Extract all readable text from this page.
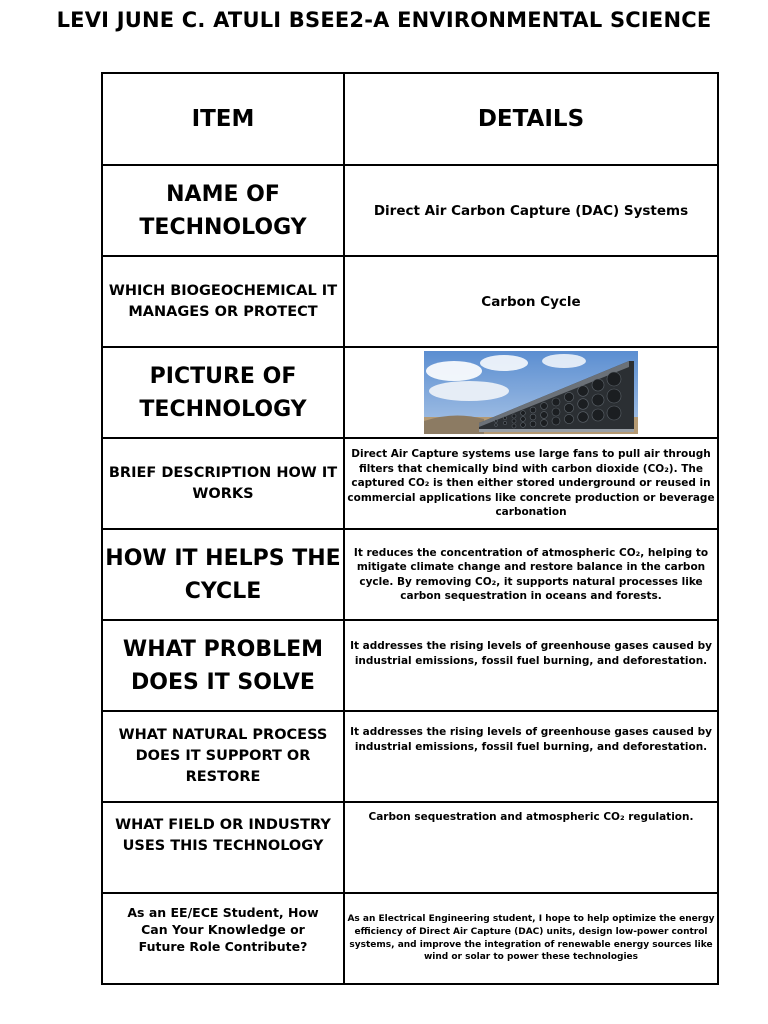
LEVI JUNE C. ATULI BSEE2-A ENVIRONMENTAL SCIENCE
ITEM	DETAILS
NAME OF TECHNOLOGY	Direct Air Carbon Capture (DAC) Systems
WHICH BIOGEOCHEMICAL IT MANAGES OR PROTECT	Carbon Cycle
PICTURE OF TECHNOLOGY	

BRIEF DESCRIPTION HOW IT WORKS	Direct Air Capture systems use large fans to pull air through filters that chemically bind with carbon dioxide (CO₂). The captured CO₂ is then either stored underground or reused in commercial applications like concrete production or beverage carbonation
HOW IT HELPS THE CYCLE	It reduces the concentration of atmospheric CO₂, helping to mitigate climate change and restore balance in the carbon cycle. By removing CO₂, it supports natural processes like carbon sequestration in oceans and forests.
WHAT PROBLEM DOES IT SOLVE	It addresses the rising levels of greenhouse gases caused by industrial emissions, fossil fuel burning, and deforestation.
WHAT NATURAL PROCESS DOES IT SUPPORT OR RESTORE	It addresses the rising levels of greenhouse gases caused by industrial emissions, fossil fuel burning, and deforestation.
WHAT FIELD OR INDUSTRY USES THIS TECHNOLOGY	Carbon sequestration and atmospheric CO₂ regulation.
As an EE/ECE Student, How Can Your Knowledge or Future Role Contribute?	As an Electrical Engineering student, I hope to help optimize the energy efficiency of Direct Air Capture (DAC) units, design low-power control systems, and improve the integration of renewable energy sources like wind or solar to power these technologies
